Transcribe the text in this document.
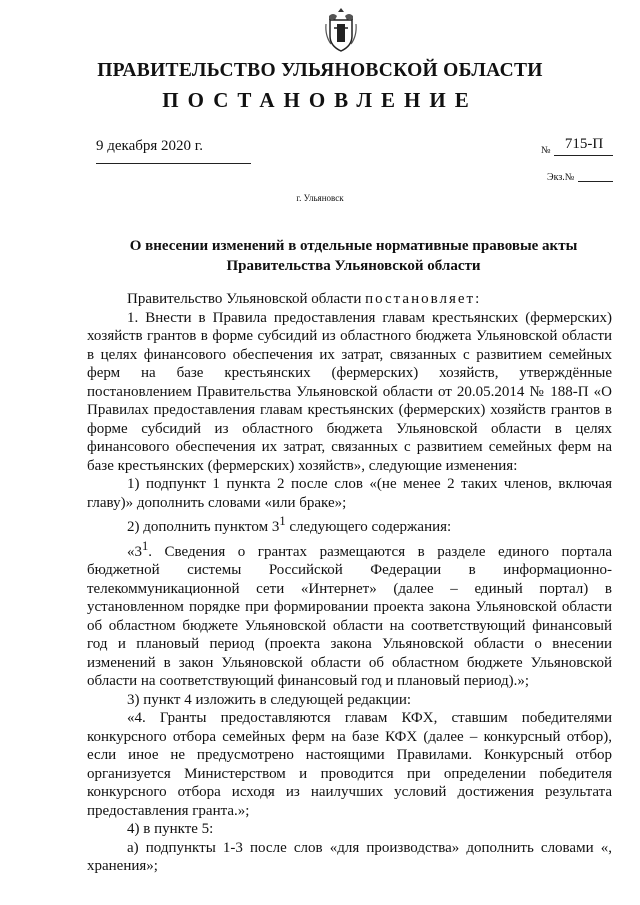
ПРАВИТЕЛЬСТВО УЛЬЯНОВСКОЙ ОБЛАСТИ
ПОСТАНОВЛЕНИЕ
9 декабря 2020 г.	№ 715-П
Экз.№
г. Ульяновск
О внесении изменений в отдельные нормативные правовые акты
Правительства Ульяновской области

Правительство Ульяновской области постановляет:

1. Внести в Правила предоставления главам крестьянских (фермерских) хозяйств грантов в форме субсидий из областного бюджета Ульяновской области в целях финансового обеспечения их затрат, связанных с развитием семейных ферм на базе крестьянских (фермерских) хозяйств, утверждённые постановлением Правительства Ульяновской области от 20.05.2014 № 188-П «О Правилах предоставления главам крестьянских (фермерских) хозяйств грантов в форме субсидий из областного бюджета Ульяновской области в целях финансового обеспечения их затрат, связанных с развитием семейных ферм на базе крестьянских (фермерских) хозяйств», следующие изменения:

1) подпункт 1 пункта 2 после слов «(не менее 2 таких членов, включая главу)» дополнить словами «или браке»;

2) дополнить пунктом $3^1$ следующего содержания:

«$3^1$. Сведения о грантах размещаются в разделе единого портала бюджетной системы Российской Федерации в информационно-телекоммуникационной сети «Интернет» (далее – единый портал) в установленном порядке при формировании проекта закона Ульяновской области об областном бюджете Ульяновской области на соответствующий финансовый год и плановый период (проекта закона Ульяновской области о внесении изменений в закон Ульяновской области об областном бюджете Ульяновской области на соответствующий финансовый год и плановый период).»;

3) пункт 4 изложить в следующей редакции:

«4. Гранты предоставляются главам КФХ, ставшим победителями конкурсного отбора семейных ферм на базе КФХ (далее – конкурсный отбор), если иное не предусмотрено настоящими Правилами. Конкурсный отбор организуется Министерством и проводится при определении победителя конкурсного отбора исходя из наилучших условий достижения результата предоставления гранта.»;

4) в пункте 5:

а) подпункты 1-3 после слов «для производства» дополнить словами «, хранения»;
